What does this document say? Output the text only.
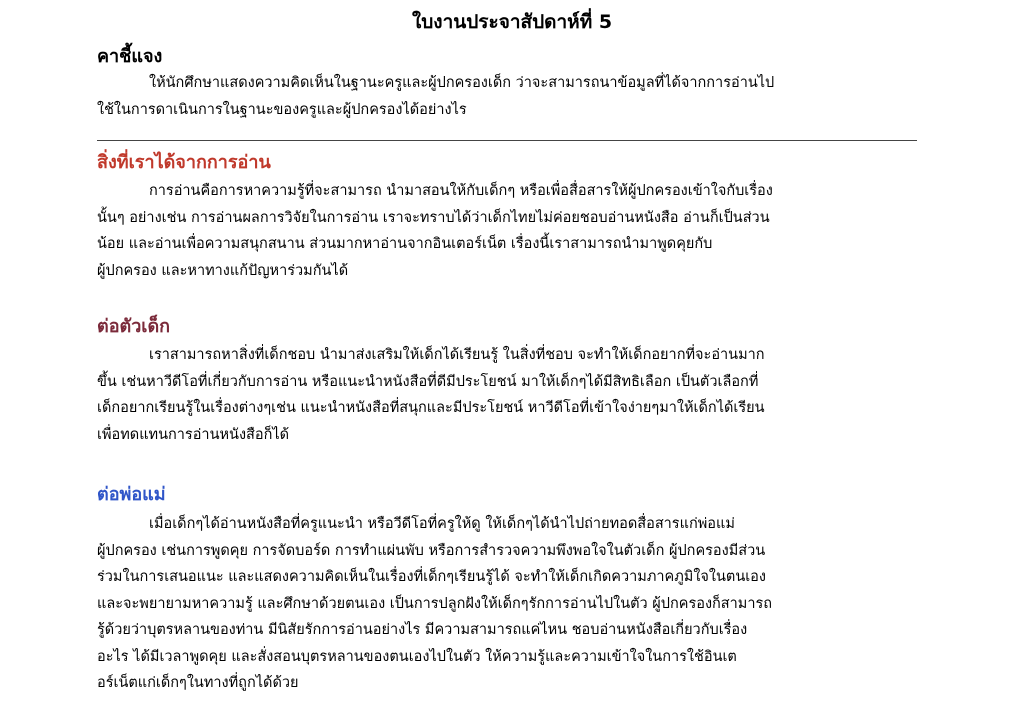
ใบงานประจาสัปดาห์ที่ 5
คาชี้แจง
ให้นักศึกษาแสดงความคิดเห็นในฐานะครูและผู้ปกครองเด็ก ว่าจะสามารถนาข้อมูลที่ได้จากการอ่านไป
ใช้ในการดาเนินการในฐานะของครูและผู้ปกครองได้อย่างไร
สิ่งที่เราได้จากการอ่าน
การอ่านคือการหาความรู้ที่จะสามารถ นำมาสอนให้กับเด็กๆ หรือเพื่อสื่อสารให้ผู้ปกครองเข้าใจกับเรื่อง
นั้นๆ อย่างเช่น การอ่านผลการวิจัยในการอ่าน เราจะทราบได้ว่าเด็กไทยไม่ค่อยชอบอ่านหนังสือ อ่านก็เป็นส่วน
น้อย และอ่านเพื่อความสนุกสนาน ส่วนมากหาอ่านจากอินเตอร์เน็ต เรื่องนี้เราสามารถนำมาพูดคุยกับ
ผู้ปกครอง และหาทางแก้ปัญหาร่วมกันได้
ต่อตัวเด็ก
เราสามารถหาสิ่งที่เด็กชอบ นำมาส่งเสริมให้เด็กได้เรียนรู้ ในสิ่งที่ชอบ จะทำให้เด็กอยากที่จะอ่านมาก
ขึ้น เช่นหาวีดีโอที่เกี่ยวกับการอ่าน หรือแนะนำหนังสือที่ดีมีประโยชน์ มาให้เด็กๆได้มีสิทธิเลือก เป็นตัวเลือกที่
เด็กอยากเรียนรู้ในเรื่องต่างๆเช่น แนะนำหนังสือที่สนุกและมีประโยชน์ หาวีดีโอที่เข้าใจง่ายๆมาให้เด็กได้เรียน
เพื่อทดแทนการอ่านหนังสือก็ได้
ต่อพ่อแม่
เมื่อเด็กๆได้อ่านหนังสือที่ครูแนะนำ หรือวีดีโอที่ครูให้ดู ให้เด็กๆได้นำไปถ่ายทอดสื่อสารแก่พ่อแม่
ผู้ปกครอง เช่นการพูดคุย การจัดบอร์ด การทำแผ่นพับ หรือการสำรวจความพึงพอใจในตัวเด็ก ผู้ปกครองมีส่วน
ร่วมในการเสนอแนะ และแสดงความคิดเห็นในเรื่องที่เด็กๆเรียนรู้ได้ จะทำให้เด็กเกิดความภาคภูมิใจในตนเอง
และจะพยายามหาความรู้ และศึกษาด้วยตนเอง เป็นการปลูกฝังให้เด็กๆรักการอ่านไปในตัว ผู้ปกครองก็สามารถ
รู้ด้วยว่าบุตรหลานของท่าน มีนิสัยรักการอ่านอย่างไร มีความสามารถแค่ไหน ชอบอ่านหนังสือเกี่ยวกับเรื่อง
อะไร ได้มีเวลาพูดคุย และสั่งสอนบุตรหลานของตนเองไปในตัว ให้ความรู้และความเข้าใจในการใช้อินเต
อร์เน็ตแก่เด็กๆในทางที่ถูกได้ด้วย
